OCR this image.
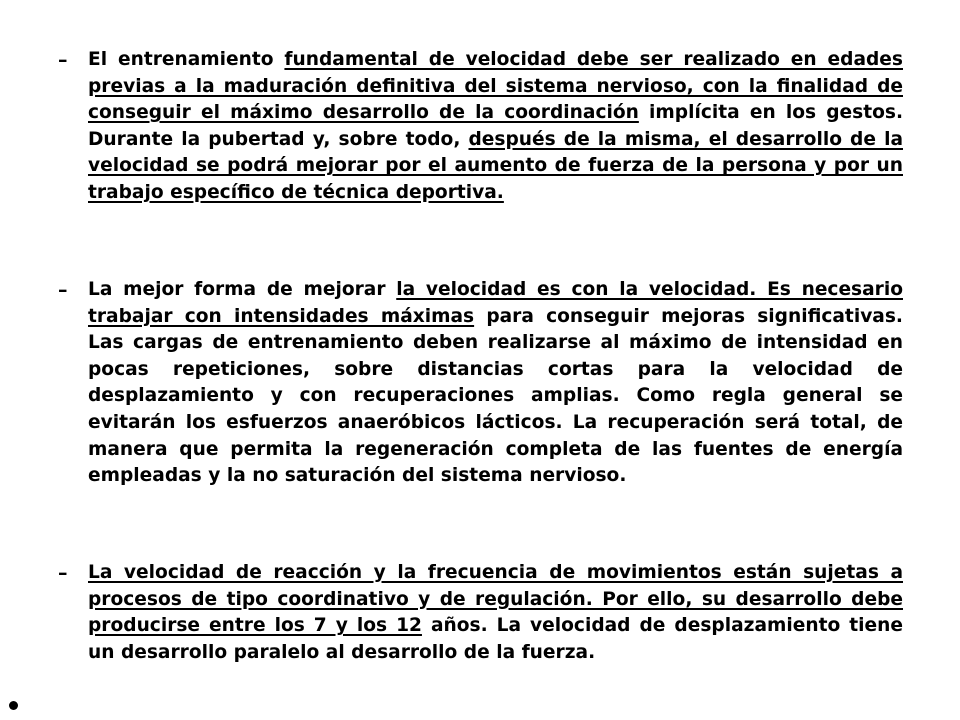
– El entrenamiento fundamental de velocidad debe ser realizado en edades previas a la maduración definitiva del sistema nervioso, con la finalidad de conseguir el máximo desarrollo de la coordinación implícita en los gestos. Durante la pubertad y, sobre todo, después de la misma, el desarrollo de la velocidad se podrá mejorar por el aumento de fuerza de la persona y por un trabajo específico de técnica deportiva.

– La mejor forma de mejorar la velocidad es con la velocidad. Es necesario trabajar con intensidades máximas para conseguir mejoras significativas. Las cargas de entrenamiento deben realizarse al máximo de intensidad en pocas repeticiones, sobre distancias cortas para la velocidad de desplazamiento y con recuperaciones amplias. Como regla general se evitarán los esfuerzos anaeróbicos lácticos. La recuperación será total, de manera que permita la regeneración completa de las fuentes de energía empleadas y la no saturación del sistema nervioso.

– La velocidad de reacción y la frecuencia de movimientos están sujetas a procesos de tipo coordinativo y de regulación. Por ello, su desarrollo debe producirse entre los 7 y los 12 años. La velocidad de desplazamiento tiene un desarrollo paralelo al desarrollo de la fuerza.
